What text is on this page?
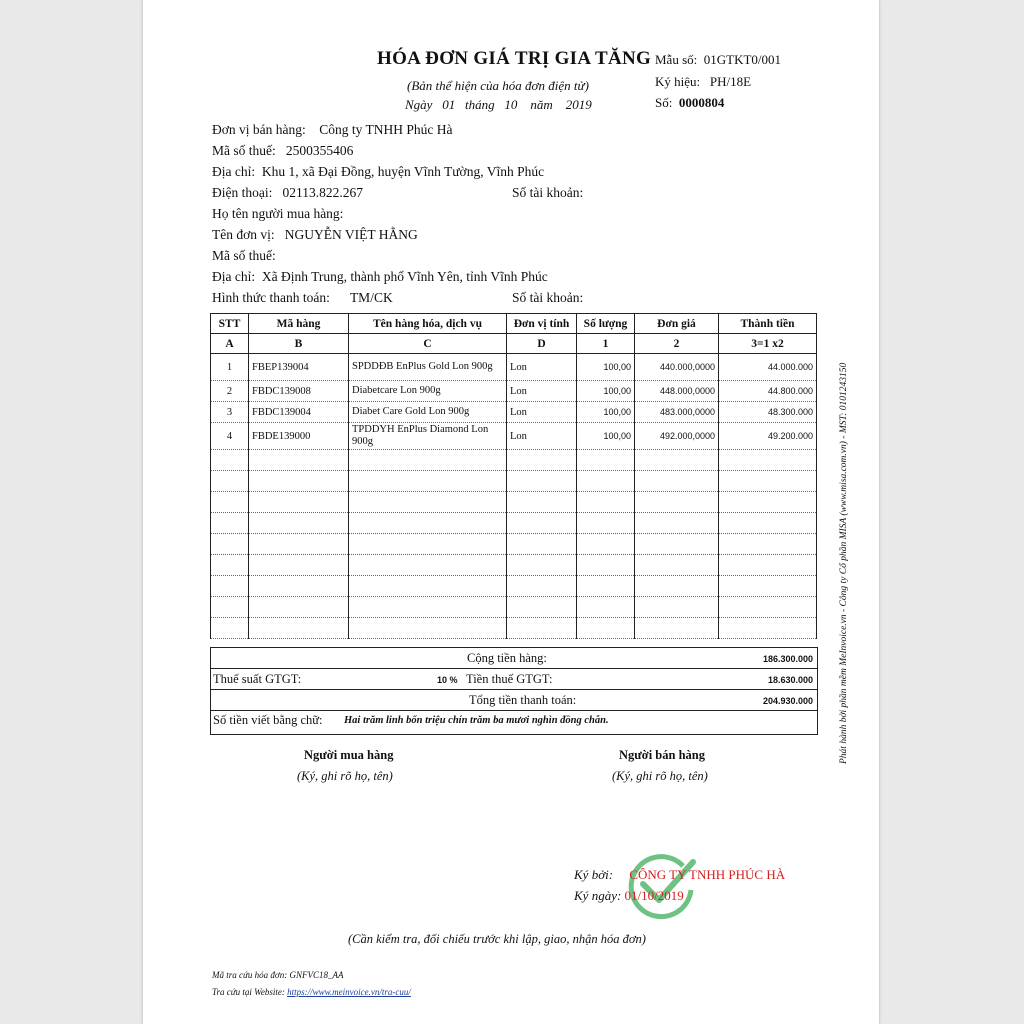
HÓA ĐƠN GIÁ TRỊ GIA TĂNG
(Bản thể hiện của hóa đơn điện tử)
Ngày 01 tháng 10 năm 2019
Mẫu số: 01GTKT0/001
Ký hiệu: PH/18E
Số: 0000804
Đơn vị bán hàng: Công ty TNHH Phúc Hà
Mã số thuế: 2500355406
Địa chỉ: Khu 1, xã Đại Đồng, huyện Vĩnh Tường, Vĩnh Phúc
Điện thoại: 02113.822.267	Số tài khoản:
Họ tên người mua hàng:
Tên đơn vị: NGUYỄN VIỆT HẰNG
Mã số thuế:
Địa chỉ: Xã Định Trung, thành phố Vĩnh Yên, tỉnh Vĩnh Phúc
Hình thức thanh toán: TM/CK	Số tài khoản:
STT	Mã hàng	Tên hàng hóa, dịch vụ	Đơn vị tính	Số lượng	Đơn giá	Thành tiền
A	B	C	D	1	2	3=1 x2
1	FBEP139004	SPDDĐB EnPlus Gold Lon 900g	Lon	100,00	440.000,0000	44.000.000
2	FBDC139008	Diabetcare Lon 900g	Lon	100,00	448.000,0000	44.800.000
3	FBDC139004	Diabet Care Gold Lon 900g	Lon	100,00	483.000,0000	48.300.000
4	FBDE139000	TPDDYH EnPlus Diamond Lon 900g	Lon	100,00	492.000,0000	49.200.000

Cộng tiền hàng:	186.300.000
Thuế suất GTGT:	10 % Tiền thuế GTGT:	18.630.000
Tổng tiền thanh toán:	204.930.000
Số tiền viết bằng chữ: Hai trăm linh bốn triệu chín trăm ba mươi nghìn đồng chẵn.
Người mua hàng
(Ký, ghi rõ họ, tên)
Người bán hàng
(Ký, ghi rõ họ, tên)
Ký bởi: CÔNG TY TNHH PHÚC HÀ
Ký ngày: 01/10/2019
(Cần kiểm tra, đối chiếu trước khi lập, giao, nhận hóa đơn)
Mã tra cứu hóa đơn: GNFVC18_AA
Tra cứu tại Website: https://www.meinvoice.vn/tra-cuu/
Phát hành bởi phần mềm MeInvoice.vn - Công ty Cổ phần MISA (www.misa.com.vn) - MST: 0101243150
